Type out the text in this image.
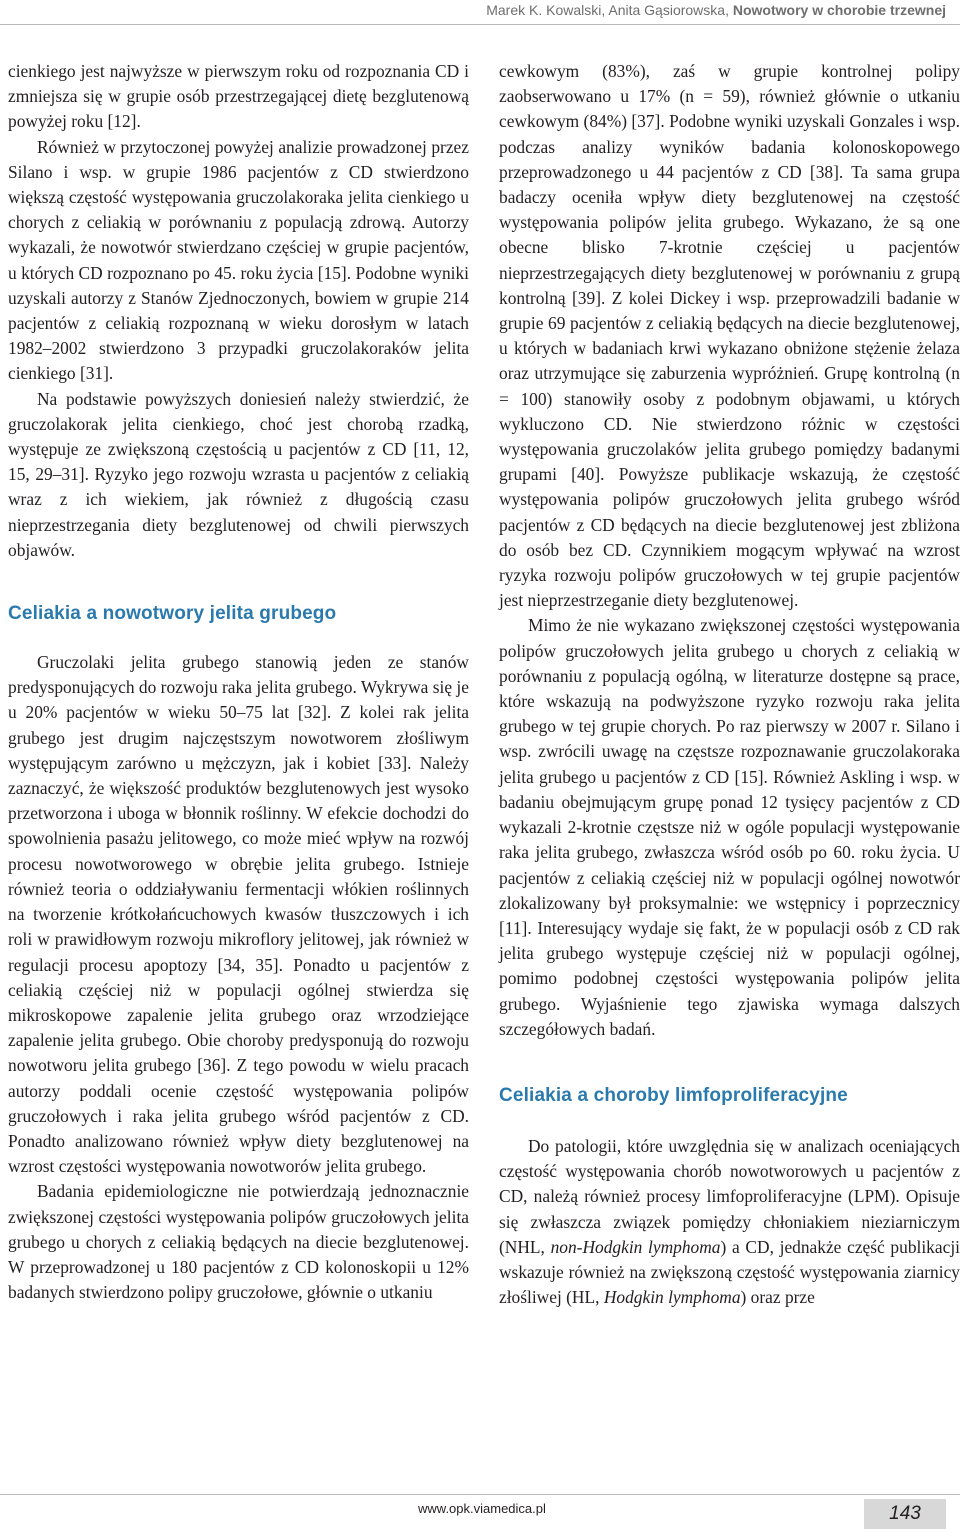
Marek K. Kowalski, Anita Gąsiorowska, Nowotwory w chorobie trzewnej

cienkiego jest najwyższe w pierwszym roku od rozpoznania CD i zmniejsza się w grupie osób przestrzegającej dietę bezglutenową powyżej roku [12].

Również w przytoczonej powyżej analizie prowadzonej przez Silano i wsp. w grupie 1986 pacjentów z CD stwierdzono większą częstość występowania gruczolakoraka jelita cienkiego u chorych z celiakią w porównaniu z populacją zdrową. Autorzy wykazali, że nowotwór stwierdzano częściej w grupie pacjentów, u których CD rozpoznano po 45. roku życia [15]. Podobne wyniki uzyskali autorzy z Stanów Zjednoczonych, bowiem w grupie 214 pacjentów z celiakią rozpoznaną w wieku dorosłym w latach 1982–2002 stwierdzono 3 przypadki gruczolakoraków jelita cienkiego [31].

Na podstawie powyższych doniesień należy stwierdzić, że gruczolakorak jelita cienkiego, choć jest chorobą rzadką, występuje ze zwiększoną częstością u pacjentów z CD [11, 12, 15, 29–31]. Ryzyko jego rozwoju wzrasta u pacjentów z celiakią wraz z ich wiekiem, jak również z długością czasu nieprzestrzegania diety bezglutenowej od chwili pierwszych objawów.

Celiakia a nowotwory jelita grubego

Gruczolaki jelita grubego stanowią jeden ze stanów predysponujących do rozwoju raka jelita grubego. Wykrywa się je u 20% pacjentów w wieku 50–75 lat [32]. Z kolei rak jelita grubego jest drugim najczęstszym nowotworem złośliwym występującym zarówno u mężczyzn, jak i kobiet [33]. Należy zaznaczyć, że większość produktów bezglutenowych jest wysoko przetworzona i uboga w błonnik roślinny. W efekcie dochodzi do spowolnienia pasażu jelitowego, co może mieć wpływ na rozwój procesu nowotworowego w obrębie jelita grubego. Istnieje również teoria o oddziaływaniu fermentacji włókien roślinnych na tworzenie krótkołańcuchowych kwasów tłuszczowych i ich roli w prawidłowym rozwoju mikroflory jelitowej, jak również w regulacji procesu apoptozy [34, 35]. Ponadto u pacjentów z celiakią częściej niż w populacji ogólnej stwierdza się mikroskopowe zapalenie jelita grubego oraz wrzodziejące zapalenie jelita grubego. Obie choroby predysponują do rozwoju nowotworu jelita grubego [36]. Z tego powodu w wielu pracach autorzy poddali ocenie częstość występowania polipów gruczołowych i raka jelita grubego wśród pacjentów z CD. Ponadto analizowano również wpływ diety bezglutenowej na wzrost częstości występowania nowotworów jelita grubego.

Badania epidemiologiczne nie potwierdzają jednoznacznie zwiększonej częstości występowania polipów gruczołowych jelita grubego u chorych z celiakią będących na diecie bezglutenowej. W przeprowadzonej u 180 pacjentów z CD kolonoskopii u 12% badanych stwierdzono polipy gruczołowe, głównie o utkaniu

cewkowym (83%), zaś w grupie kontrolnej polipy zaobserwowano u 17% (n = 59), również głównie o utkaniu cewkowym (84%) [37]. Podobne wyniki uzyskali Gonzales i wsp. podczas analizy wyników badania kolonoskopowego przeprowadzonego u 44 pacjentów z CD [38]. Ta sama grupa badaczy oceniła wpływ diety bezglutenowej na częstość występowania polipów jelita grubego. Wykazano, że są one obecne blisko 7-krotnie częściej u pacjentów nieprzestrzegających diety bezglutenowej w porównaniu z grupą kontrolną [39]. Z kolei Dickey i wsp. przeprowadzili badanie w grupie 69 pacjentów z celiakią będących na diecie bezglutenowej, u których w badaniach krwi wykazano obniżone stężenie żelaza oraz utrzymujące się zaburzenia wypróżnień. Grupę kontrolną (n = 100) stanowiły osoby z podobnym objawami, u których wykluczono CD. Nie stwierdzono różnic w częstości występowania gruczolaków jelita grubego pomiędzy badanymi grupami [40]. Powyższe publikacje wskazują, że częstość występowania polipów gruczołowych jelita grubego wśród pacjentów z CD będących na diecie bezglutenowej jest zbliżona do osób bez CD. Czynnikiem mogącym wpływać na wzrost ryzyka rozwoju polipów gruczołowych w tej grupie pacjentów jest nieprzestrzeganie diety bezglutenowej.

Mimo że nie wykazano zwiększonej częstości występowania polipów gruczołowych jelita grubego u chorych z celiakią w porównaniu z populacją ogólną, w literaturze dostępne są prace, które wskazują na podwyższone ryzyko rozwoju raka jelita grubego w tej grupie chorych. Po raz pierwszy w 2007 r. Silano i wsp. zwrócili uwagę na częstsze rozpoznawanie gruczolakoraka jelita grubego u pacjentów z CD [15]. Również Askling i wsp. w badaniu obejmującym grupę ponad 12 tysięcy pacjentów z CD wykazali 2-krotnie częstsze niż w ogóle populacji występowanie raka jelita grubego, zwłaszcza wśród osób po 60. roku życia. U pacjentów z celiakią częściej niż w populacji ogólnej nowotwór zlokalizowany był proksymalnie: we wstępnicy i poprzecznicy [11]. Interesujący wydaje się fakt, że w populacji osób z CD rak jelita grubego występuje częściej niż w populacji ogólnej, pomimo podobnej częstości występowania polipów jelita grubego. Wyjaśnienie tego zjawiska wymaga dalszych szczegółowych badań.

Celiakia a choroby limfoproliferacyjne

Do patologii, które uwzględnia się w analizach oceniających częstość występowania chorób nowotworowych u pacjentów z CD, należą również procesy limfoproliferacyjne (LPM). Opisuje się zwłaszcza związek pomiędzy chłoniakiem nieziarniczym (NHL, non-Hodgkin lymphoma) a CD, jednakże część publikacji wskazuje również na zwiększoną częstość występowania ziarnicy złośliwej (HL, Hodgkin lymphoma) oraz prze

www.opk.viamedica.pl	143
